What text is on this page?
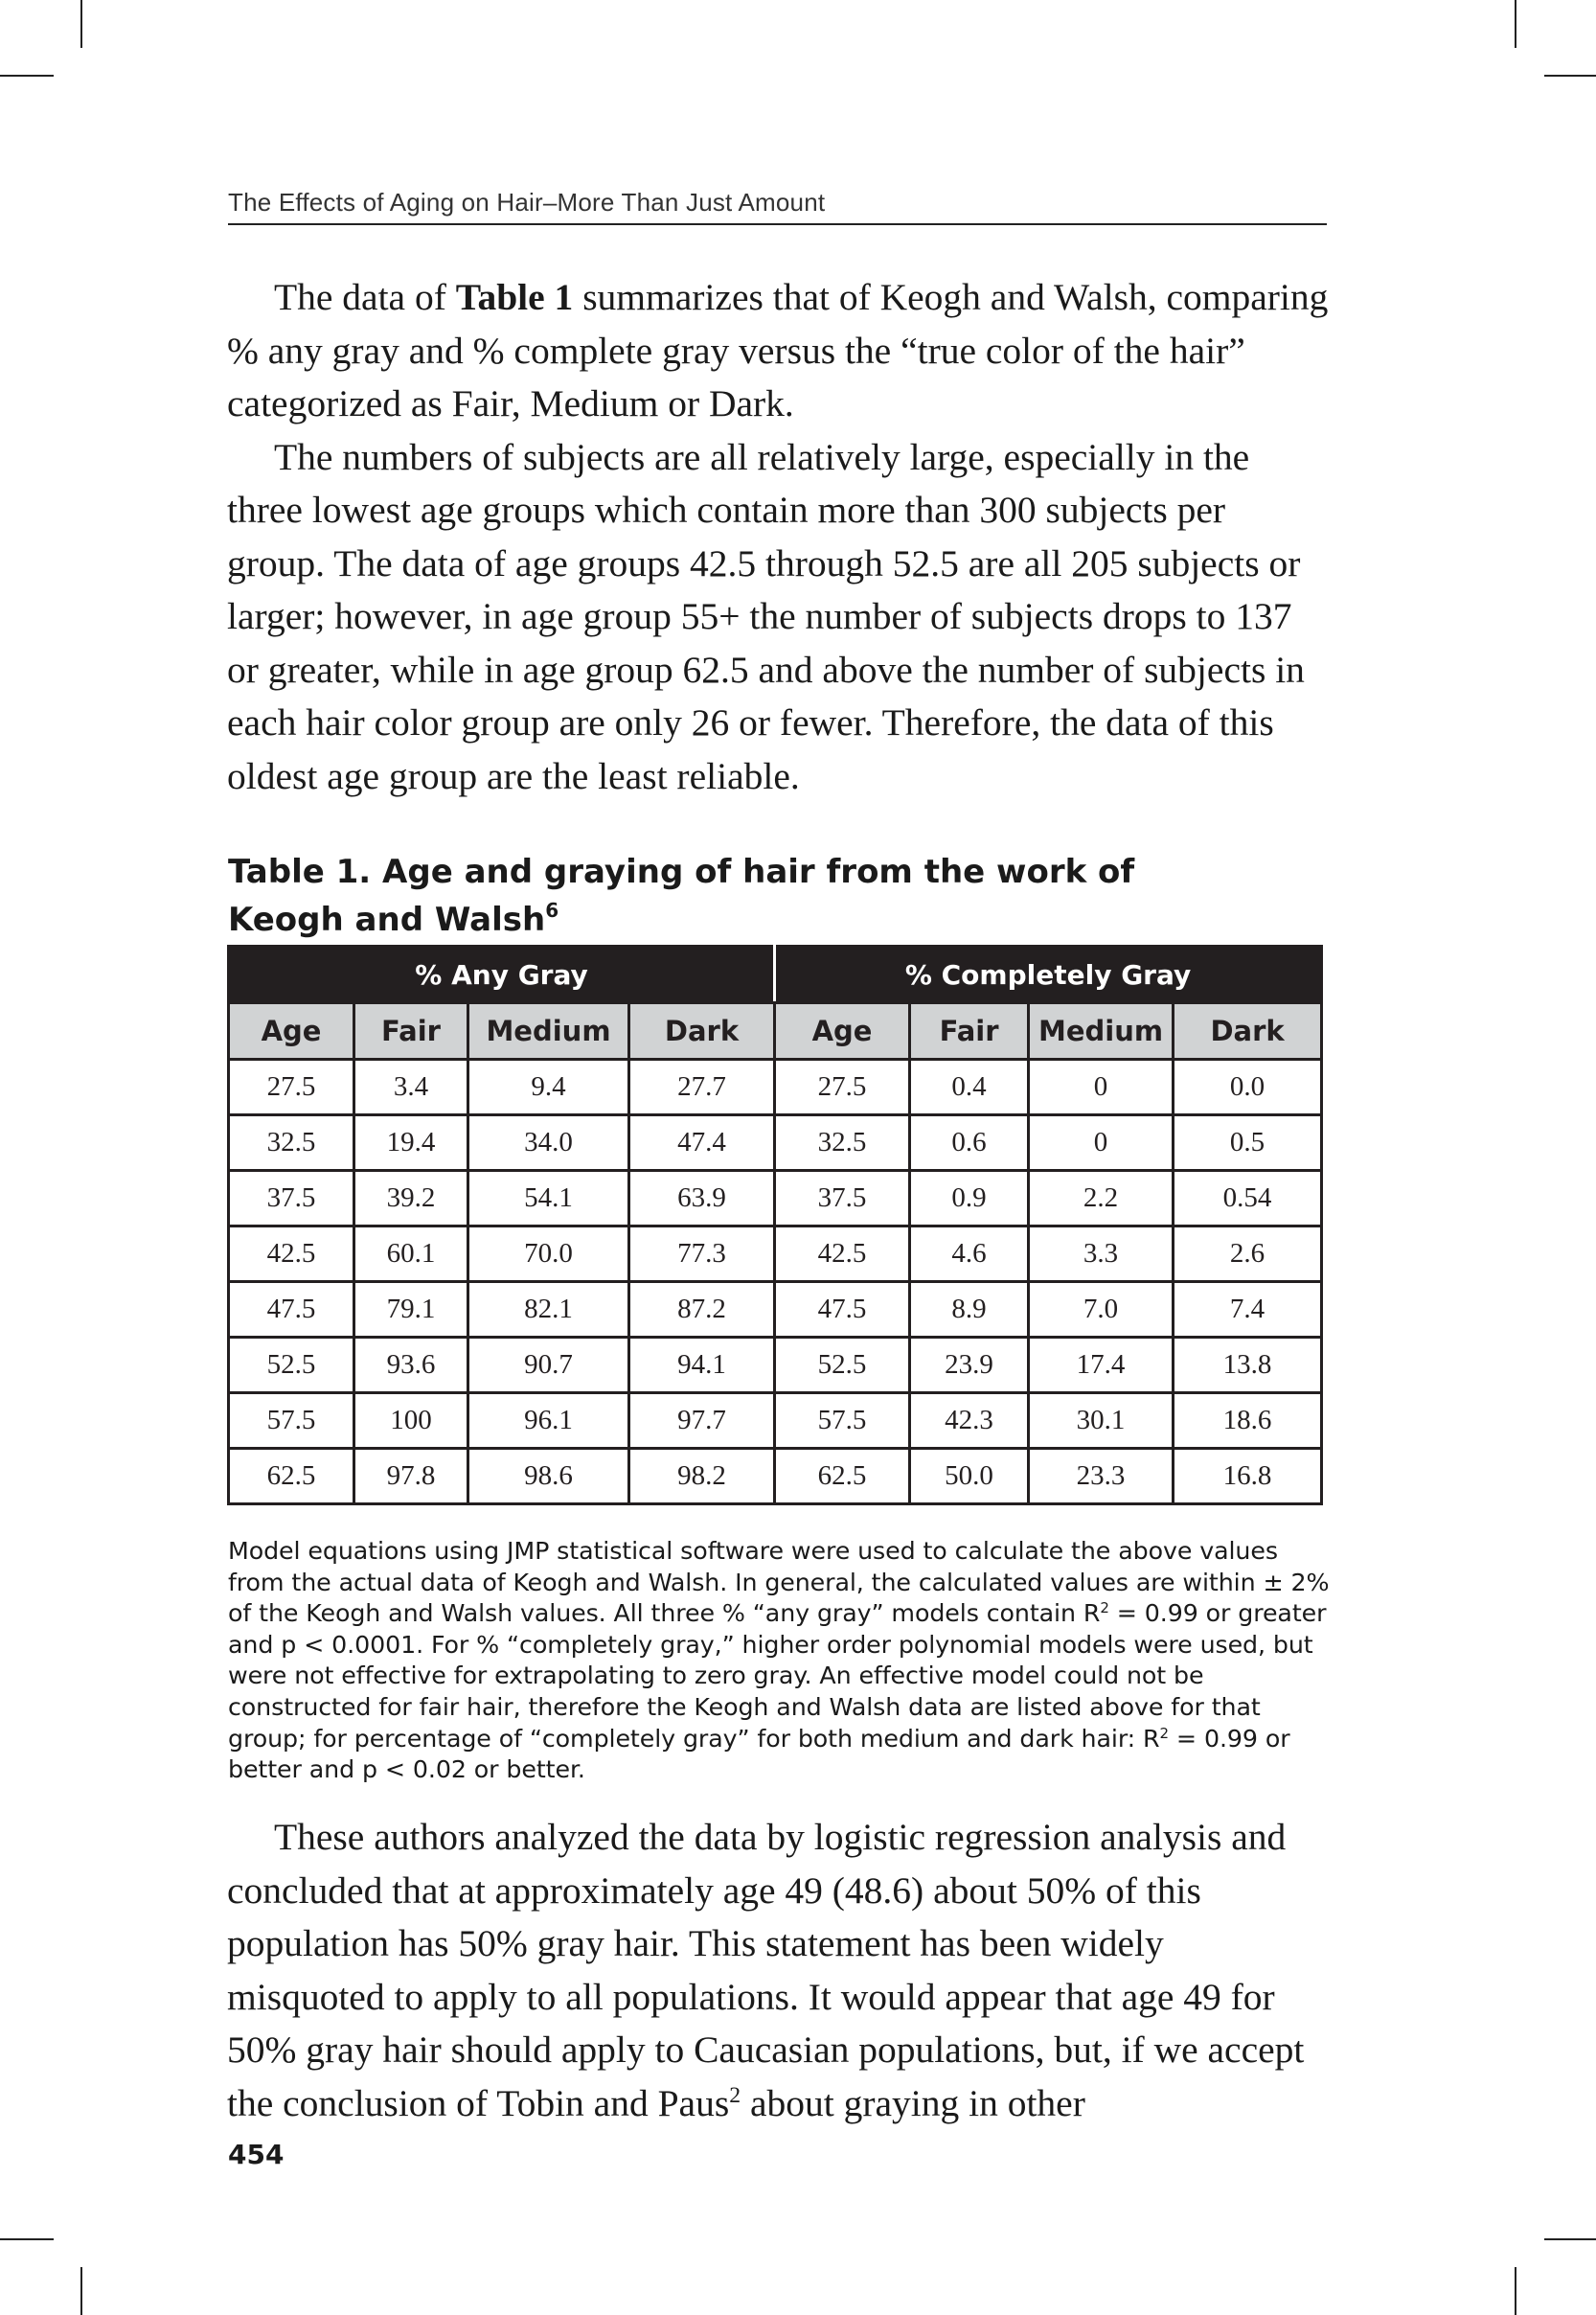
The Effects of Aging on Hair–More Than Just Amount

The data of Table 1 summarizes that of Keogh and Walsh, comparing % any gray and % complete gray versus the “true color of the hair” categorized as Fair, Medium or Dark.

The numbers of subjects are all relatively large, especially in the three lowest age groups which contain more than 300 subjects per group. The data of age groups 42.5 through 52.5 are all 205 subjects or larger; however, in age group 55+ the number of subjects drops to 137 or greater, while in age group 62.5 and above the number of subjects in each hair color group are only 26 or fewer. Therefore, the data of this oldest age group are the least reliable.

Table 1. Age and graying of hair from the work of Keogh and Walsh$^6$
% Any Gray				% Completely Gray			
Age	Fair	Medium	Dark	Age	Fair	Medium	Dark
27.5	3.4	9.4	27.7	27.5	0.4	0	0.0
32.5	19.4	34.0	47.4	32.5	0.6	0	0.5
37.5	39.2	54.1	63.9	37.5	0.9	2.2	0.54
42.5	60.1	70.0	77.3	42.5	4.6	3.3	2.6
47.5	79.1	82.1	87.2	47.5	8.9	7.0	7.4
52.5	93.6	90.7	94.1	52.5	23.9	17.4	13.8
57.5	100	96.1	97.7	57.5	42.3	30.1	18.6
62.5	97.8	98.6	98.2	62.5	50.0	23.3	16.8
Model equations using JMP statistical software were used to calculate the above values from the actual data of Keogh and Walsh. In general, the calculated values are within ± 2% of the Keogh and Walsh values. All three % “any gray” models contain $R^2 = 0.99$ or greater and p < 0.0001. For % “completely gray,” higher order polynomial models were used, but were not effective for extrapolating to zero gray. An effective model could not be constructed for fair hair, therefore the Keogh and Walsh data are listed above for that group; for percentage of “completely gray” for both medium and dark hair: $R^2 = 0.99$ or better and p < 0.02 or better.

These authors analyzed the data by logistic regression analysis and concluded that at approximately age 49 (48.6) about 50% of this population has 50% gray hair. This statement has been widely misquoted to apply to all populations. It would appear that age 49 for 50% gray hair should apply to Caucasian populations, but, if we accept the conclusion of Tobin and Paus$^2$ about graying in other

454
